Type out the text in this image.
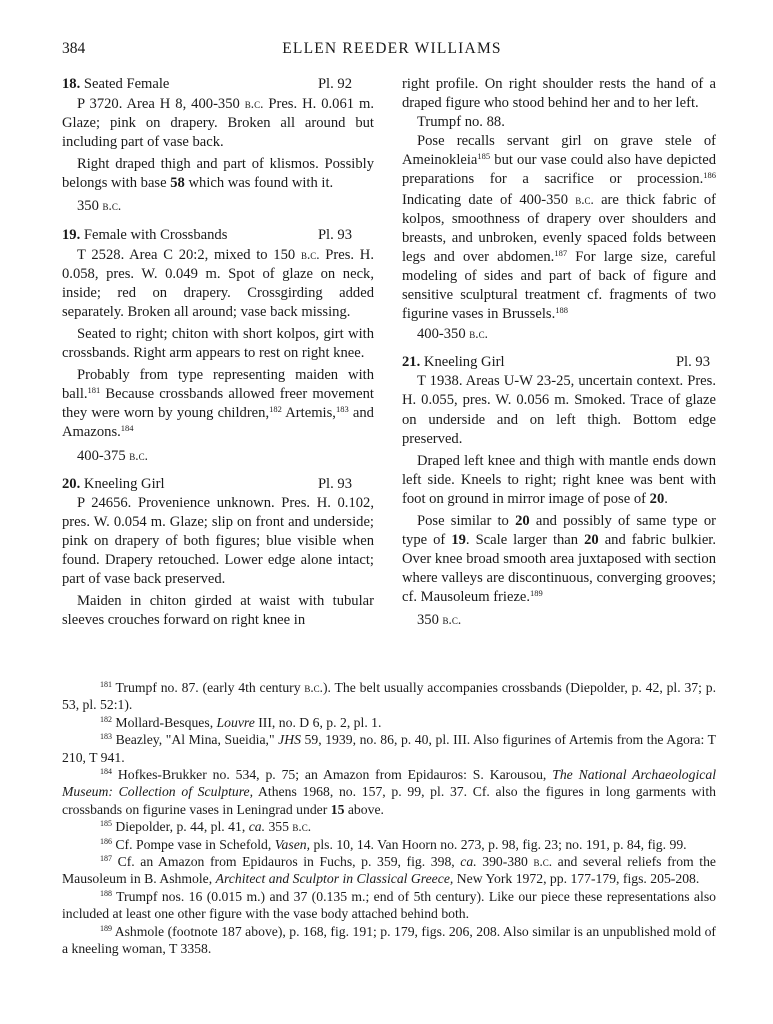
384	ELLEN REEDER WILLIAMS
18. Seated Female	Pl. 92

P 3720. Area H 8, 400-350 b.c. Pres. H. 0.061 m. Glaze; pink on drapery. Broken all around but including part of vase back.

Right draped thigh and part of klismos. Possibly belongs with base 58 which was found with it.

350 b.c.

19. Female with Crossbands	Pl. 93

T 2528. Area C 20:2, mixed to 150 b.c. Pres. H. 0.058, pres. W. 0.049 m. Spot of glaze on neck, inside; red on drapery. Crossgirding added separately. Broken all around; vase back missing.

Seated to right; chiton with short kolpos, girt with crossbands. Right arm appears to rest on right knee.

Probably from type representing maiden with ball.$^{181}$ Because crossbands allowed freer movement they were worn by young children,$^{182}$ Artemis,$^{183}$ and Amazons.$^{184}$

400-375 b.c.

20. Kneeling Girl	Pl. 93

P 24656. Provenience unknown. Pres. H. 0.102, pres. W. 0.054 m. Glaze; slip on front and underside; pink on drapery of both figures; blue visible when found. Drapery retouched. Lower edge alone intact; part of vase back preserved.

Maiden in chiton girded at waist with tubular sleeves crouches forward on right knee in

right profile. On right shoulder rests the hand of a draped figure who stood behind her and to her left.

Trumpf no. 88.

Pose recalls servant girl on grave stele of Ameinokleia$^{185}$ but our vase could also have depicted preparations for a sacrifice or procession.$^{186}$ Indicating date of 400-350 b.c. are thick fabric of kolpos, smoothness of drapery over shoulders and breasts, and unbroken, evenly spaced folds between legs and over abdomen.$^{187}$ For large size, careful modeling of sides and part of back of figure and sensitive sculptural treatment cf. fragments of two figurine vases in Brussels.$^{188}$

400-350 b.c.

21. Kneeling Girl	Pl. 93

T 1938. Areas U-W 23-25, uncertain context. Pres. H. 0.055, pres. W. 0.056 m. Smoked. Trace of glaze on underside and on left thigh. Bottom edge preserved.

Draped left knee and thigh with mantle ends down left side. Kneels to right; right knee was bent with foot on ground in mirror image of pose of 20.

Pose similar to 20 and possibly of same type or type of 19. Scale larger than 20 and fabric bulkier. Over knee broad smooth area juxtaposed with section where valleys are discontinuous, converging grooves; cf. Mausoleum frieze.$^{189}$

350 b.c.

$^{181}$ Trumpf no. 87. (early 4th century b.c.). The belt usually accompanies crossbands (Diepolder, p. 42, pl. 37; p. 53, pl. 52:1).

$^{182}$ Mollard-Besques, Louvre III, no. D 6, p. 2, pl. 1.

$^{183}$ Beazley, "Al Mina, Sueidia," JHS 59, 1939, no. 86, p. 40, pl. III. Also figurines of Artemis from the Agora: T 210, T 941.

$^{184}$ Hofkes-Brukker no. 534, p. 75; an Amazon from Epidauros: S. Karousou, The National Archaeological Museum: Collection of Sculpture, Athens 1968, no. 157, p. 99, pl. 37. Cf. also the figures in long garments with crossbands on figurine vases in Leningrad under 15 above.

$^{185}$ Diepolder, p. 44, pl. 41, ca. 355 b.c.

$^{186}$ Cf. Pompe vase in Schefold, Vasen, pls. 10, 14. Van Hoorn no. 273, p. 98, fig. 23; no. 191, p. 84, fig. 99.

$^{187}$ Cf. an Amazon from Epidauros in Fuchs, p. 359, fig. 398, ca. 390-380 b.c. and several reliefs from the Mausoleum in B. Ashmole, Architect and Sculptor in Classical Greece, New York 1972, pp. 177-179, figs. 205-208.

$^{188}$ Trumpf nos. 16 (0.015 m.) and 37 (0.135 m.; end of 5th century). Like our piece these representations also included at least one other figure with the vase body attached behind both.

$^{189}$ Ashmole (footnote 187 above), p. 168, fig. 191; p. 179, figs. 206, 208. Also similar is an unpublished mold of a kneeling woman, T 3358.
